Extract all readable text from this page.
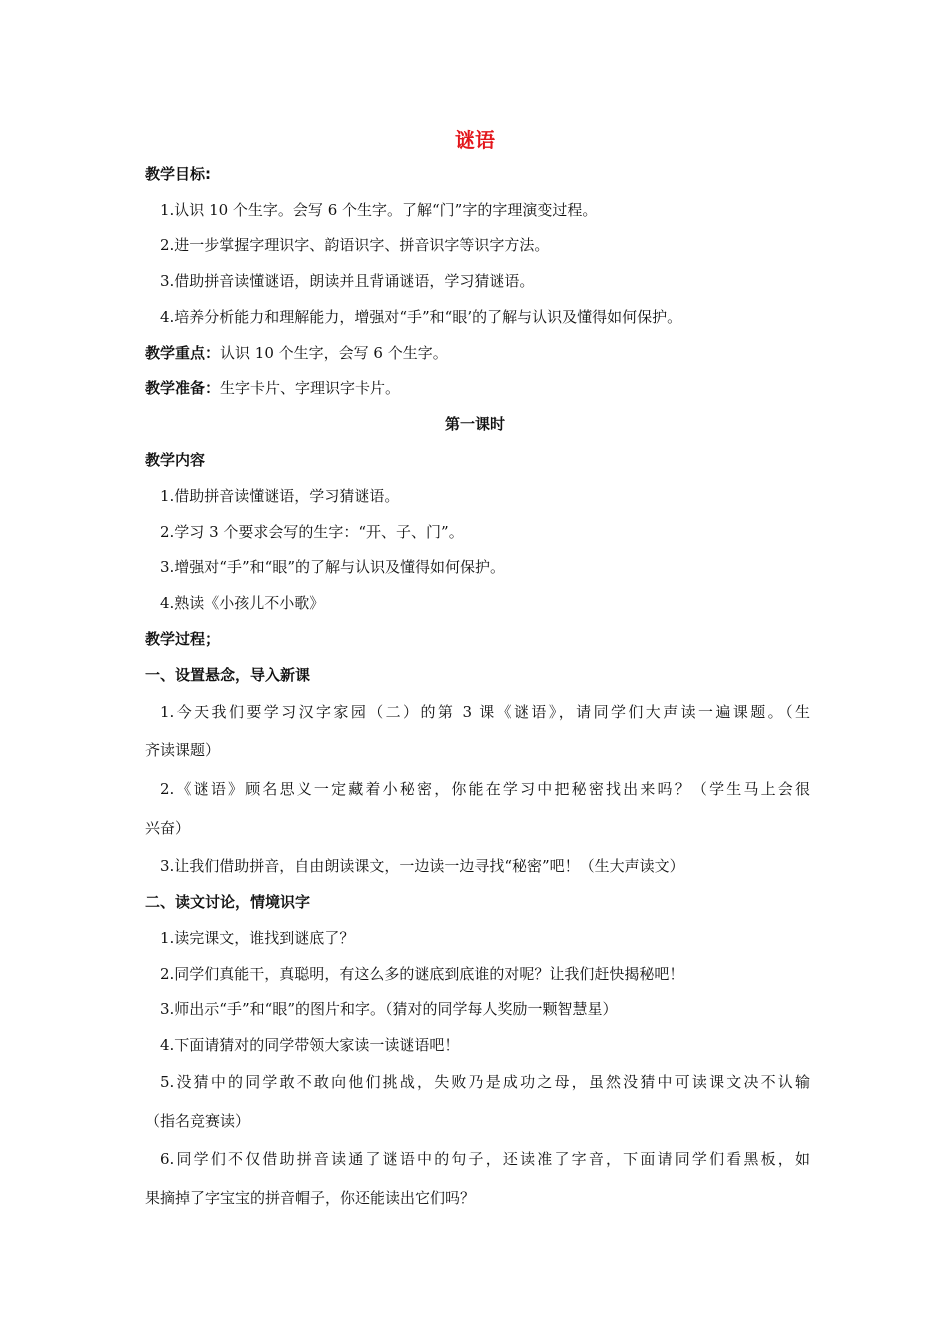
谜语
教学目标:
1.认识 10 个生字。会写 6 个生字。了解“门”字的字理演变过程。
2.进一步掌握字理识字、韵语识字、拼音识字等识字方法。
3.借助拼音读懂谜语，朗读并且背诵谜语，学习猜谜语。
4.培养分析能力和理解能力，增强对“手”和“眼’的了解与认识及懂得如何保护。
教学重点：认识 10 个生字，会写 6 个生字。
教学准备：生字卡片、字理识字卡片。
第一课时
教学内容
1.借助拼音读懂谜语，学习猜谜语。
2.学习 3 个要求会写的生字：“开、子、门”。
3.增强对“手”和“眼”的了解与认识及懂得如何保护。
4.熟读《小孩儿不小歌》
教学过程；
一、设置悬念，导入新课
1.今天我们要学习汉字家园（二）的第 3 课《谜语》，请同学们大声读一遍课题。（生
齐读课题）
2.《谜语》顾名思义一定藏着小秘密，你能在学习中把秘密找出来吗？（学生马上会很
兴奋）
3.让我们借助拼音，自由朗读课文，一边读一边寻找“秘密”吧！（生大声读文）
二、读文讨论，情境识字
1.读完课文，谁找到谜底了？
2.同学们真能干，真聪明，有这么多的谜底到底谁的对呢？让我们赶快揭秘吧！
3.师出示“手”和“眼”的图片和字。（猜对的同学每人奖励一颗智慧星）
4.下面请猜对的同学带领大家读一读谜语吧！
5.没猜中的同学敢不敢向他们挑战，失败乃是成功之母，虽然没猜中可读课文决不认输
（指名竞赛读）
6.同学们不仅借助拼音读通了谜语中的句子，还读准了字音，下面请同学们看黑板，如
果摘掉了字宝宝的拼音帽子，你还能读出它们吗？
